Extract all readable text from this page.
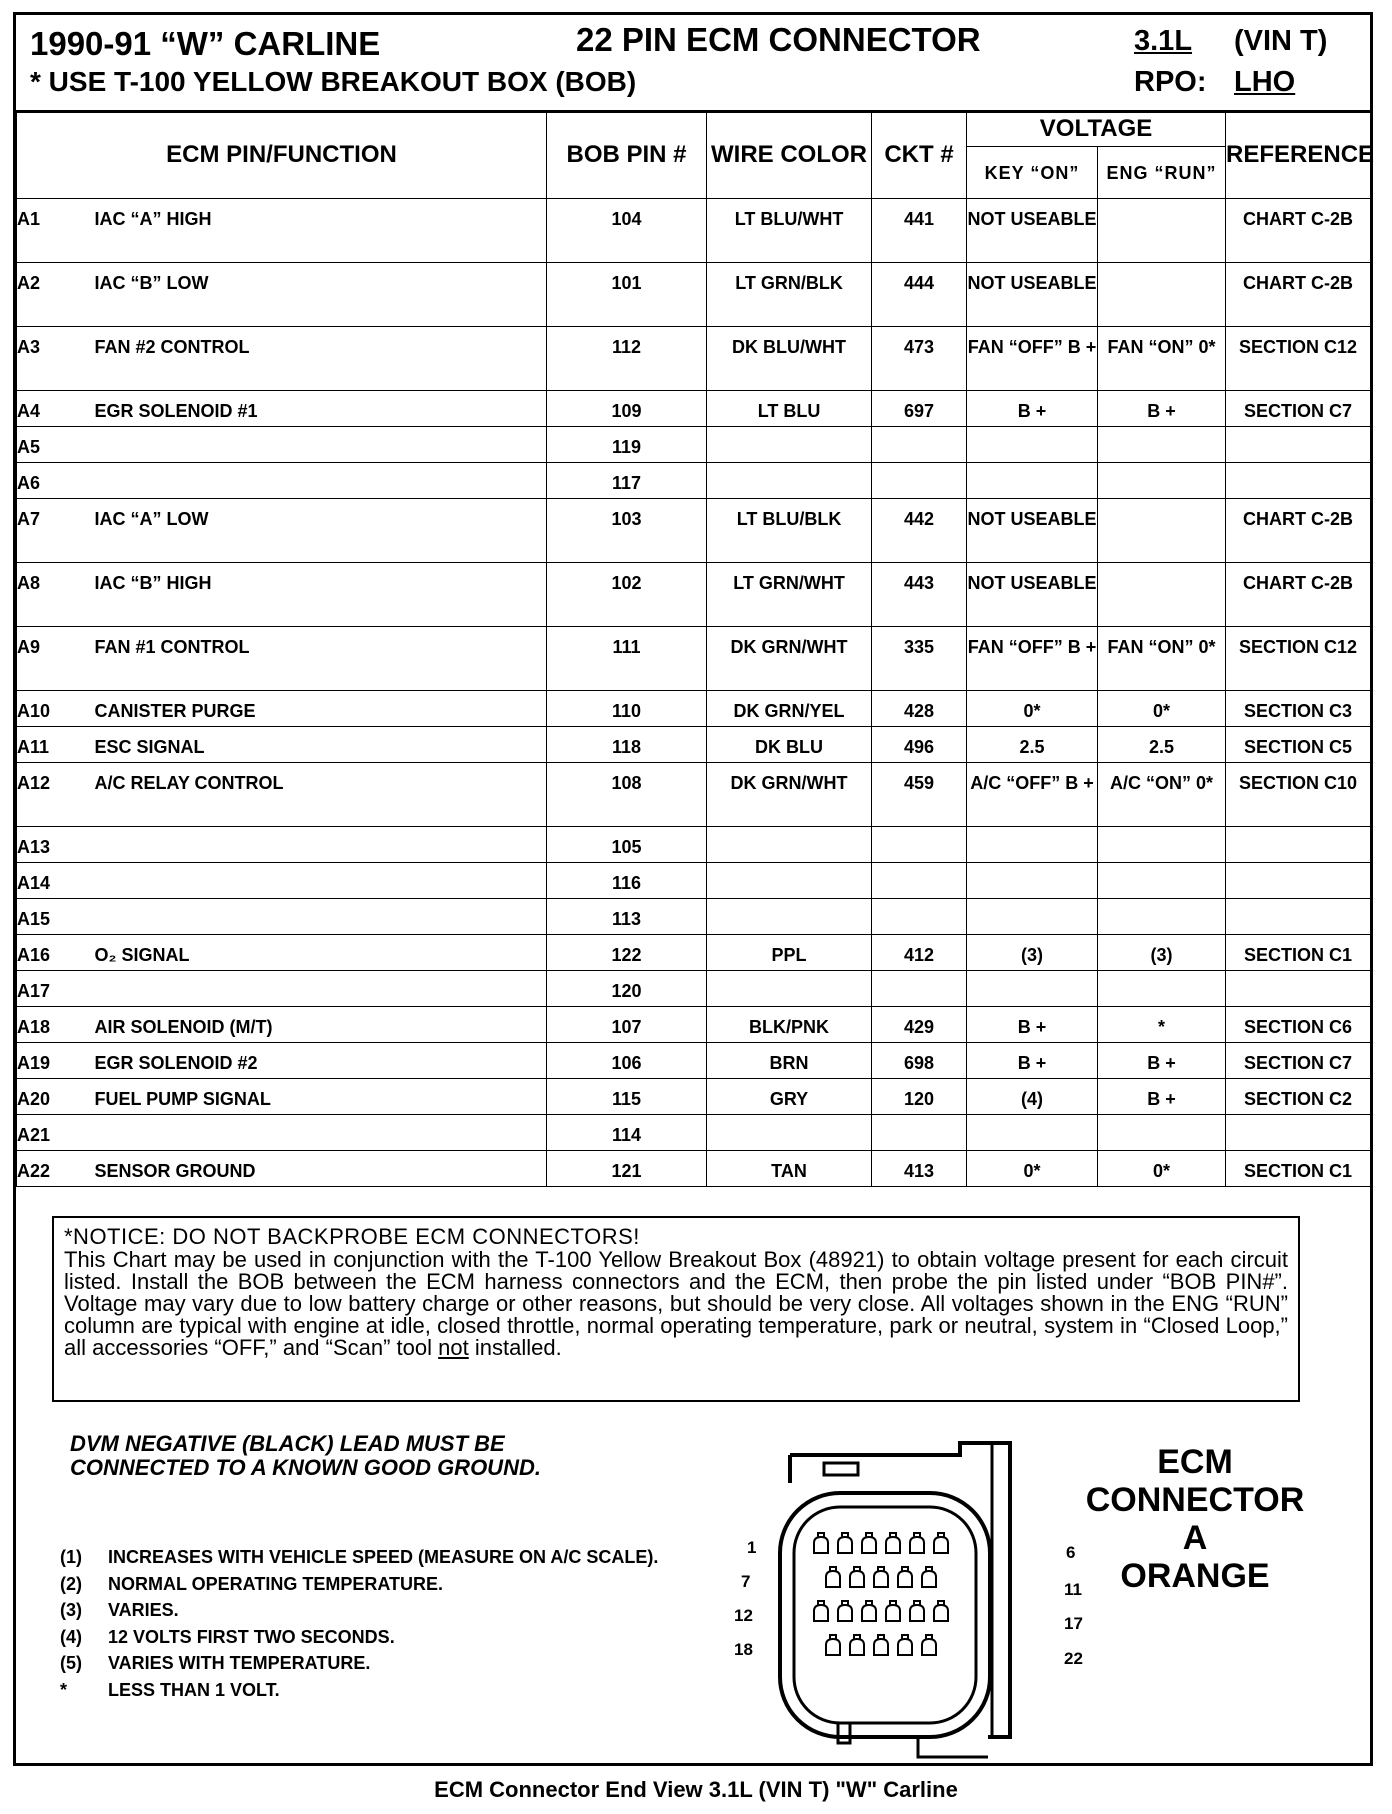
1990-91 “W” CARLINE	22 PIN ECM CONNECTOR	3.1L (VIN T)
* USE T-100 YELLOW BREAKOUT BOX (BOB)	RPO: LHO
ECM PIN/FUNCTION		BOB PIN #	WIRE COLOR	CKT #	VOLTAGE		REFERENCE
					KEY “ON”	ENG “RUN”	
A1	IAC “A” HIGH	104	LT BLU/WHT	441	NOT USEABLE		CHART C-2B
A2	IAC “B” LOW	101	LT GRN/BLK	444	NOT USEABLE		CHART C-2B
A3	FAN #2 CONTROL	112	DK BLU/WHT	473	FAN “OFF” B +	FAN “ON” 0*	SECTION C12
A4	EGR SOLENOID #1	109	LT BLU	697	B +	B +	SECTION C7
A5		119					
A6		117					
A7	IAC “A” LOW	103	LT BLU/BLK	442	NOT USEABLE		CHART C-2B
A8	IAC “B” HIGH	102	LT GRN/WHT	443	NOT USEABLE		CHART C-2B
A9	FAN #1 CONTROL	111	DK GRN/WHT	335	FAN “OFF” B +	FAN “ON” 0*	SECTION C12
A10	CANISTER PURGE	110	DK GRN/YEL	428	0*	0*	SECTION C3
A11	ESC SIGNAL	118	DK BLU	496	2.5	2.5	SECTION C5
A12	A/C RELAY CONTROL	108	DK GRN/WHT	459	A/C “OFF” B +	A/C “ON” 0*	SECTION C10
A13		105					
A14		116					
A15		113					
A16	O₂ SIGNAL	122	PPL	412	(3)	(3)	SECTION C1
A17		120					
A18	AIR SOLENOID (M/T)	107	BLK/PNK	429	B +	*	SECTION C6
A19	EGR SOLENOID #2	106	BRN	698	B +	B +	SECTION C7
A20	FUEL PUMP SIGNAL	115	GRY	120	(4)	B +	SECTION C2
A21		114					
A22	SENSOR GROUND	121	TAN	413	0*	0*	SECTION C1
*NOTICE: DO NOT BACKPROBE ECM CONNECTORS!
This Chart may be used in conjunction with the T-100 Yellow Breakout Box (48921) to obtain voltage present for each circuit listed. Install the BOB between the ECM harness connectors and the ECM, then probe the pin listed under “BOB PIN#”. Voltage may vary due to low battery charge or other reasons, but should be very close. All voltages shown in the ENG “RUN” column are typical with engine at idle, closed throttle, normal operating temperature, park or neutral, system in “Closed Loop,” all accessories “OFF,” and “Scan” tool not installed.
DVM NEGATIVE (BLACK) LEAD MUST BE
CONNECTED TO A KNOWN GOOD GROUND.
(1) INCREASES WITH VEHICLE SPEED (MEASURE ON A/C SCALE).
(2) NORMAL OPERATING TEMPERATURE.
(3) VARIES.
(4) 12 VOLTS FIRST TWO SECONDS.
(5) VARIES WITH TEMPERATURE.
* LESS THAN 1 VOLT.
1
7
12
18
6
11
17
22
ECM
CONNECTOR A
ORANGE
ECM Connector End View 3.1L (VIN T) "W" Carline
